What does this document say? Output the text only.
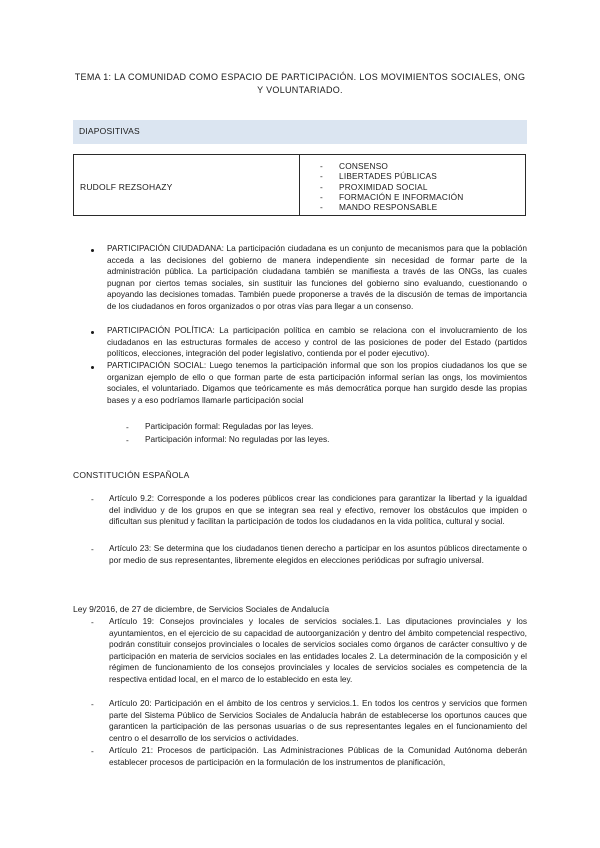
TEMA 1: LA COMUNIDAD COMO ESPACIO DE PARTICIPACIÓN. LOS MOVIMIENTOS SOCIALES, ONG Y VOLUNTARIADO.
DIAPOSITIVAS
RUDOLF REZSOHAZY
- CONSENSO
- LIBERTADES PÚBLICAS
- PROXIMIDAD SOCIAL
- FORMACIÓN E INFORMACIÓN
- MANDO RESPONSABLE
PARTICIPACIÓN CIUDADANA: La participación ciudadana es un conjunto de mecanismos para que la población acceda a las decisiones del gobierno de manera independiente sin necesidad de formar parte de la administración pública. La participación ciudadana también se manifiesta a través de las ONGs, las cuales pugnan por ciertos temas sociales, sin sustituir las funciones del gobierno sino evaluando, cuestionando o apoyando las decisiones tomadas. También puede proponerse a través de la discusión de temas de importancia de los ciudadanos en foros organizados o por otras vías para llegar a un consenso.
PARTICIPACIÓN POLÍTICA: La participación política en cambio se relaciona con el involucramiento de los ciudadanos en las estructuras formales de acceso y control de las posiciones de poder del Estado (partidos políticos, elecciones, integración del poder legislativo, contienda por el poder ejecutivo).
PARTICIPACIÓN SOCIAL: Luego tenemos la participación informal que son los propios ciudadanos los que se organizan ejemplo de ello o que forman parte de esta participación informal serían las ongs, los movimientos sociales, el voluntariado. Digamos que teóricamente es más democrática porque han surgido desde las propias bases y a eso podríamos llamarle participación social
- Participación formal: Reguladas por las leyes.
- Participación informal: No reguladas por las leyes.
CONSTITUCIÓN ESPAÑOLA
- Artículo 9.2: Corresponde a los poderes públicos crear las condiciones para garantizar la libertad y la igualdad del individuo y de los grupos en que se integran sea real y efectivo, remover los obstáculos que impiden o dificultan sus plenitud y facilitan la participación de todos los ciudadanos en la vida política, cultural y social.
- Artículo 23: Se determina que los ciudadanos tienen derecho a participar en los asuntos públicos directamente o por medio de sus representantes, libremente elegidos en elecciones periódicas por sufragio universal.
Ley 9/2016, de 27 de diciembre, de Servicios Sociales de Andalucía
- Artículo 19: Consejos provinciales y locales de servicios sociales.1. Las diputaciones provinciales y los ayuntamientos, en el ejercicio de su capacidad de autoorganización y dentro del ámbito competencial respectivo, podrán constituir consejos provinciales o locales de servicios sociales como órganos de carácter consultivo y de participación en materia de servicios sociales en las entidades locales 2. La determinación de la composición y el régimen de funcionamiento de los consejos provinciales y locales de servicios sociales es competencia de la respectiva entidad local, en el marco de lo establecido en esta ley.
- Artículo 20: Participación en el ámbito de los centros y servicios.1. En todos los centros y servicios que formen parte del Sistema Público de Servicios Sociales de Andalucía habrán de establecerse los oportunos cauces que garanticen la participación de las personas usuarias o de sus representantes legales en el funcionamiento del centro o el desarrollo de los servicios o actividades.
- Artículo 21: Procesos de participación. Las Administraciones Públicas de la Comunidad Autónoma deberán establecer procesos de participación en la formulación de los instrumentos de planificación,
